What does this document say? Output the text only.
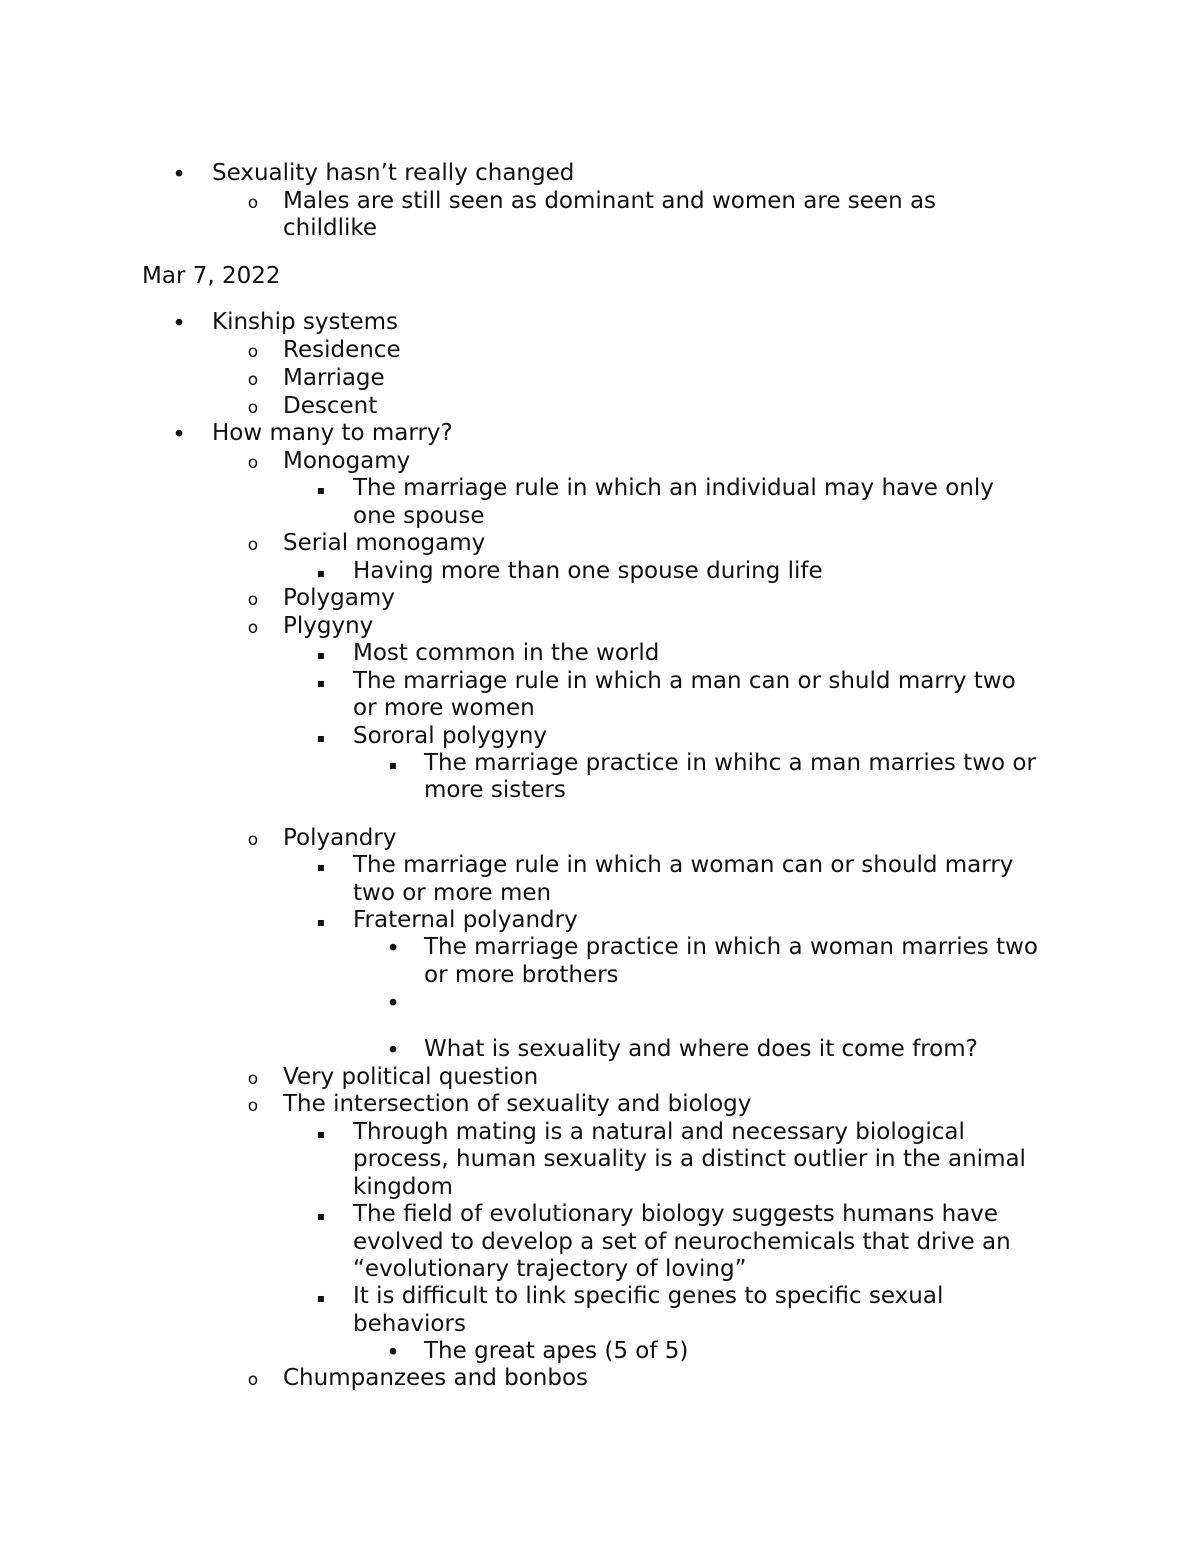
•
o
•
o
o
o
•
o
▪
o
▪
o
o
▪
▪
▪
▪
o
▪
▪
•
•
•
o
o
▪
▪
▪
•
o
Sexuality hasn’t really changed
Males are still seen as dominant and women are seen as
childlike
Mar 7, 2022
Kinship systems
Residence
Marriage
Descent
How many to marry?
Monogamy
The marriage rule in which an individual may have only
one spouse
Serial monogamy
Having more than one spouse during life
Polygamy
Plygyny
Most common in the world
The marriage rule in which a man can or shuld marry two
or more women
Sororal polygyny
The marriage practice in whihc a man marries two or
more sisters
Polyandry
The marriage rule in which a woman can or should marry
two or more men
Fraternal polyandry
The marriage practice in which a woman marries two
or more brothers
What is sexuality and where does it come from?
Very political question
The intersection of sexuality and biology
Through mating is a natural and necessary biological
process, human sexuality is a distinct outlier in the animal
kingdom
The field of evolutionary biology suggests humans have
evolved to develop a set of neurochemicals that drive an
“evolutionary trajectory of loving”
It is difficult to link specific genes to specific sexual
behaviors
The great apes (5 of 5)
Chumpanzees and bonbos
